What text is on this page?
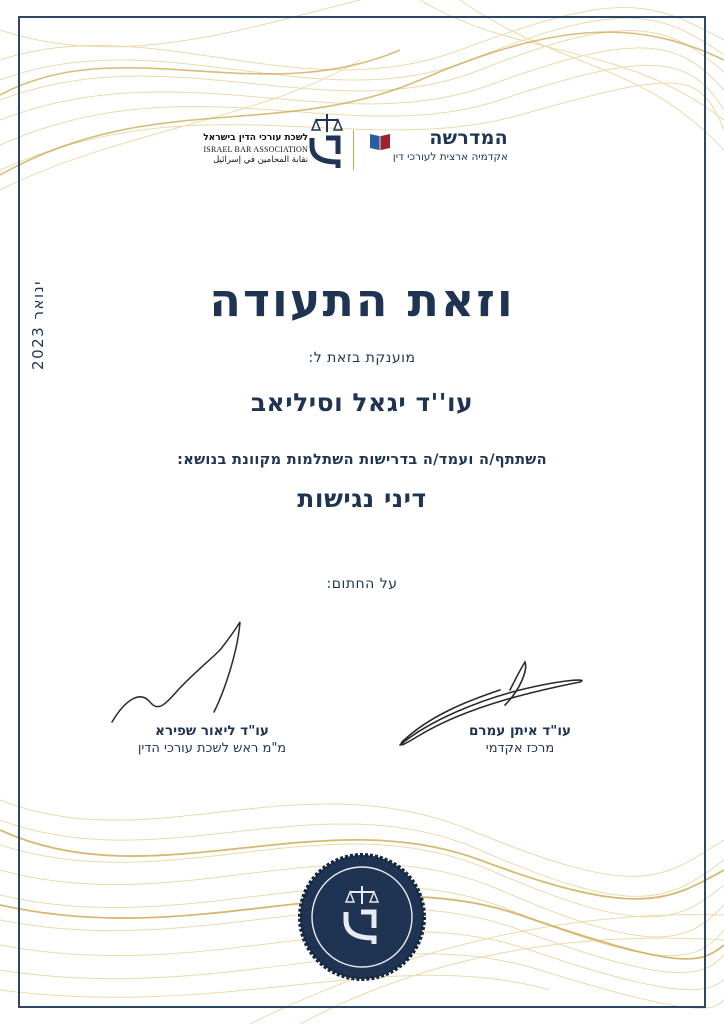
המדרשה
אקדמיה ארצית לעורכי דין
לשכת עורכי הדין בישראל
ISRAEL BAR ASSOCIATION
نقابة المحامين في إسرائيل
ינואר 2023	וזאת התעודה
מוענקת בזאת ל:
עו''ד יגאל וסיליאב
השתתף/ה ועמד/ה בדרישות השתלמות מקוונת בנושא:
דיני נגישות
על החתום:
עו"ד איתן עמרם
מרכז אקדמי
עו"ד ליאור שפירא
מ"מ ראש לשכת עורכי הדין
